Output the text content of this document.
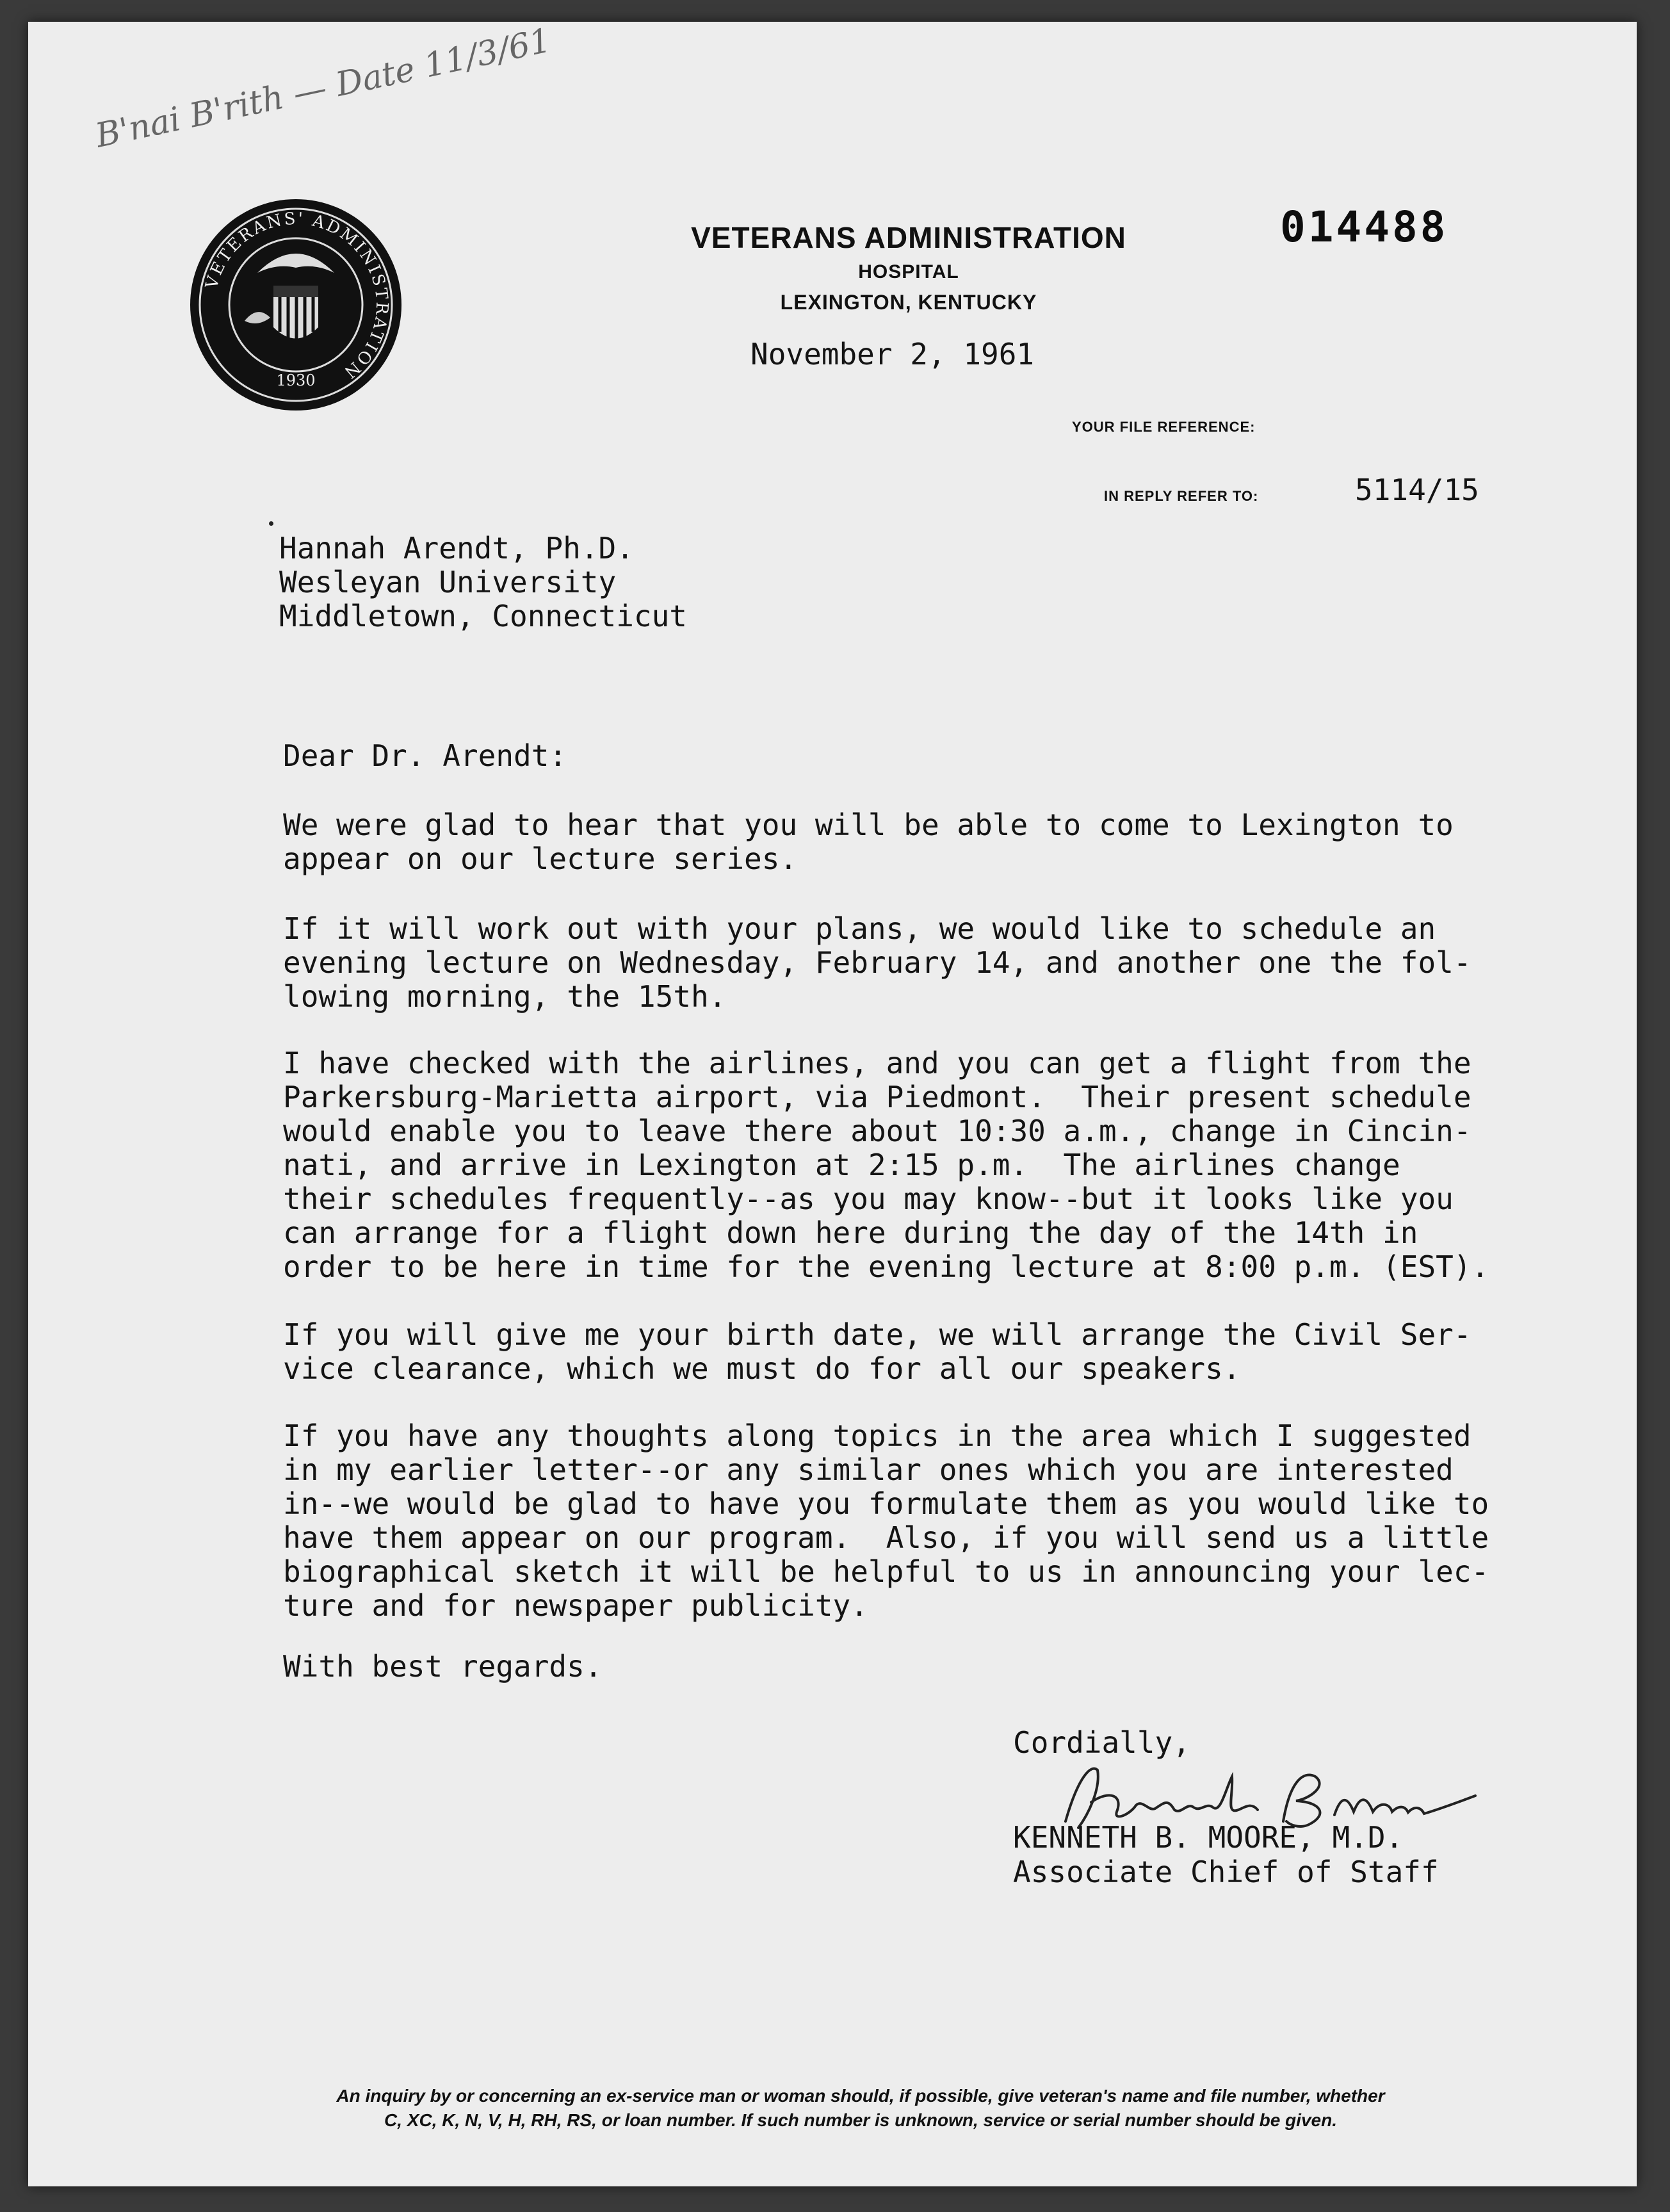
B'nai B'rith — Date 11/3/61
VETERANS' ADMINISTRATION
1930
VETERANS ADMINISTRATION
HOSPITAL
LEXINGTON, KENTUCKY
014488
November 2, 1961
YOUR FILE REFERENCE:
IN REPLY REFER TO:	5114/15
Hannah Arendt, Ph.D.
Wesleyan University
Middletown, Connecticut
Dear Dr. Arendt:
We were glad to hear that you will be able to come to Lexington to
appear on our lecture series.
If it will work out with your plans, we would like to schedule an
evening lecture on Wednesday, February 14, and another one the fol-
lowing morning, the 15th.
I have checked with the airlines, and you can get a flight from the
Parkersburg-Marietta airport, via Piedmont.  Their present schedule
would enable you to leave there about 10:30 a.m., change in Cincin-
nati, and arrive in Lexington at 2:15 p.m.  The airlines change
their schedules frequently--as you may know--but it looks like you
can arrange for a flight down here during the day of the 14th in
order to be here in time for the evening lecture at 8:00 p.m. (EST).
If you will give me your birth date, we will arrange the Civil Ser-
vice clearance, which we must do for all our speakers.
If you have any thoughts along topics in the area which I suggested
in my earlier letter--or any similar ones which you are interested
in--we would be glad to have you formulate them as you would like to
have them appear on our program.  Also, if you will send us a little
biographical sketch it will be helpful to us in announcing your lec-
ture and for newspaper publicity.
With best regards.
Cordially,
KENNETH B. MOORE, M.D.
Associate Chief of Staff
An inquiry by or concerning an ex-service man or woman should, if possible, give veteran's name and file number, whether
C, XC, K, N, V, H, RH, RS, or loan number. If such number is unknown, service or serial number should be given.
